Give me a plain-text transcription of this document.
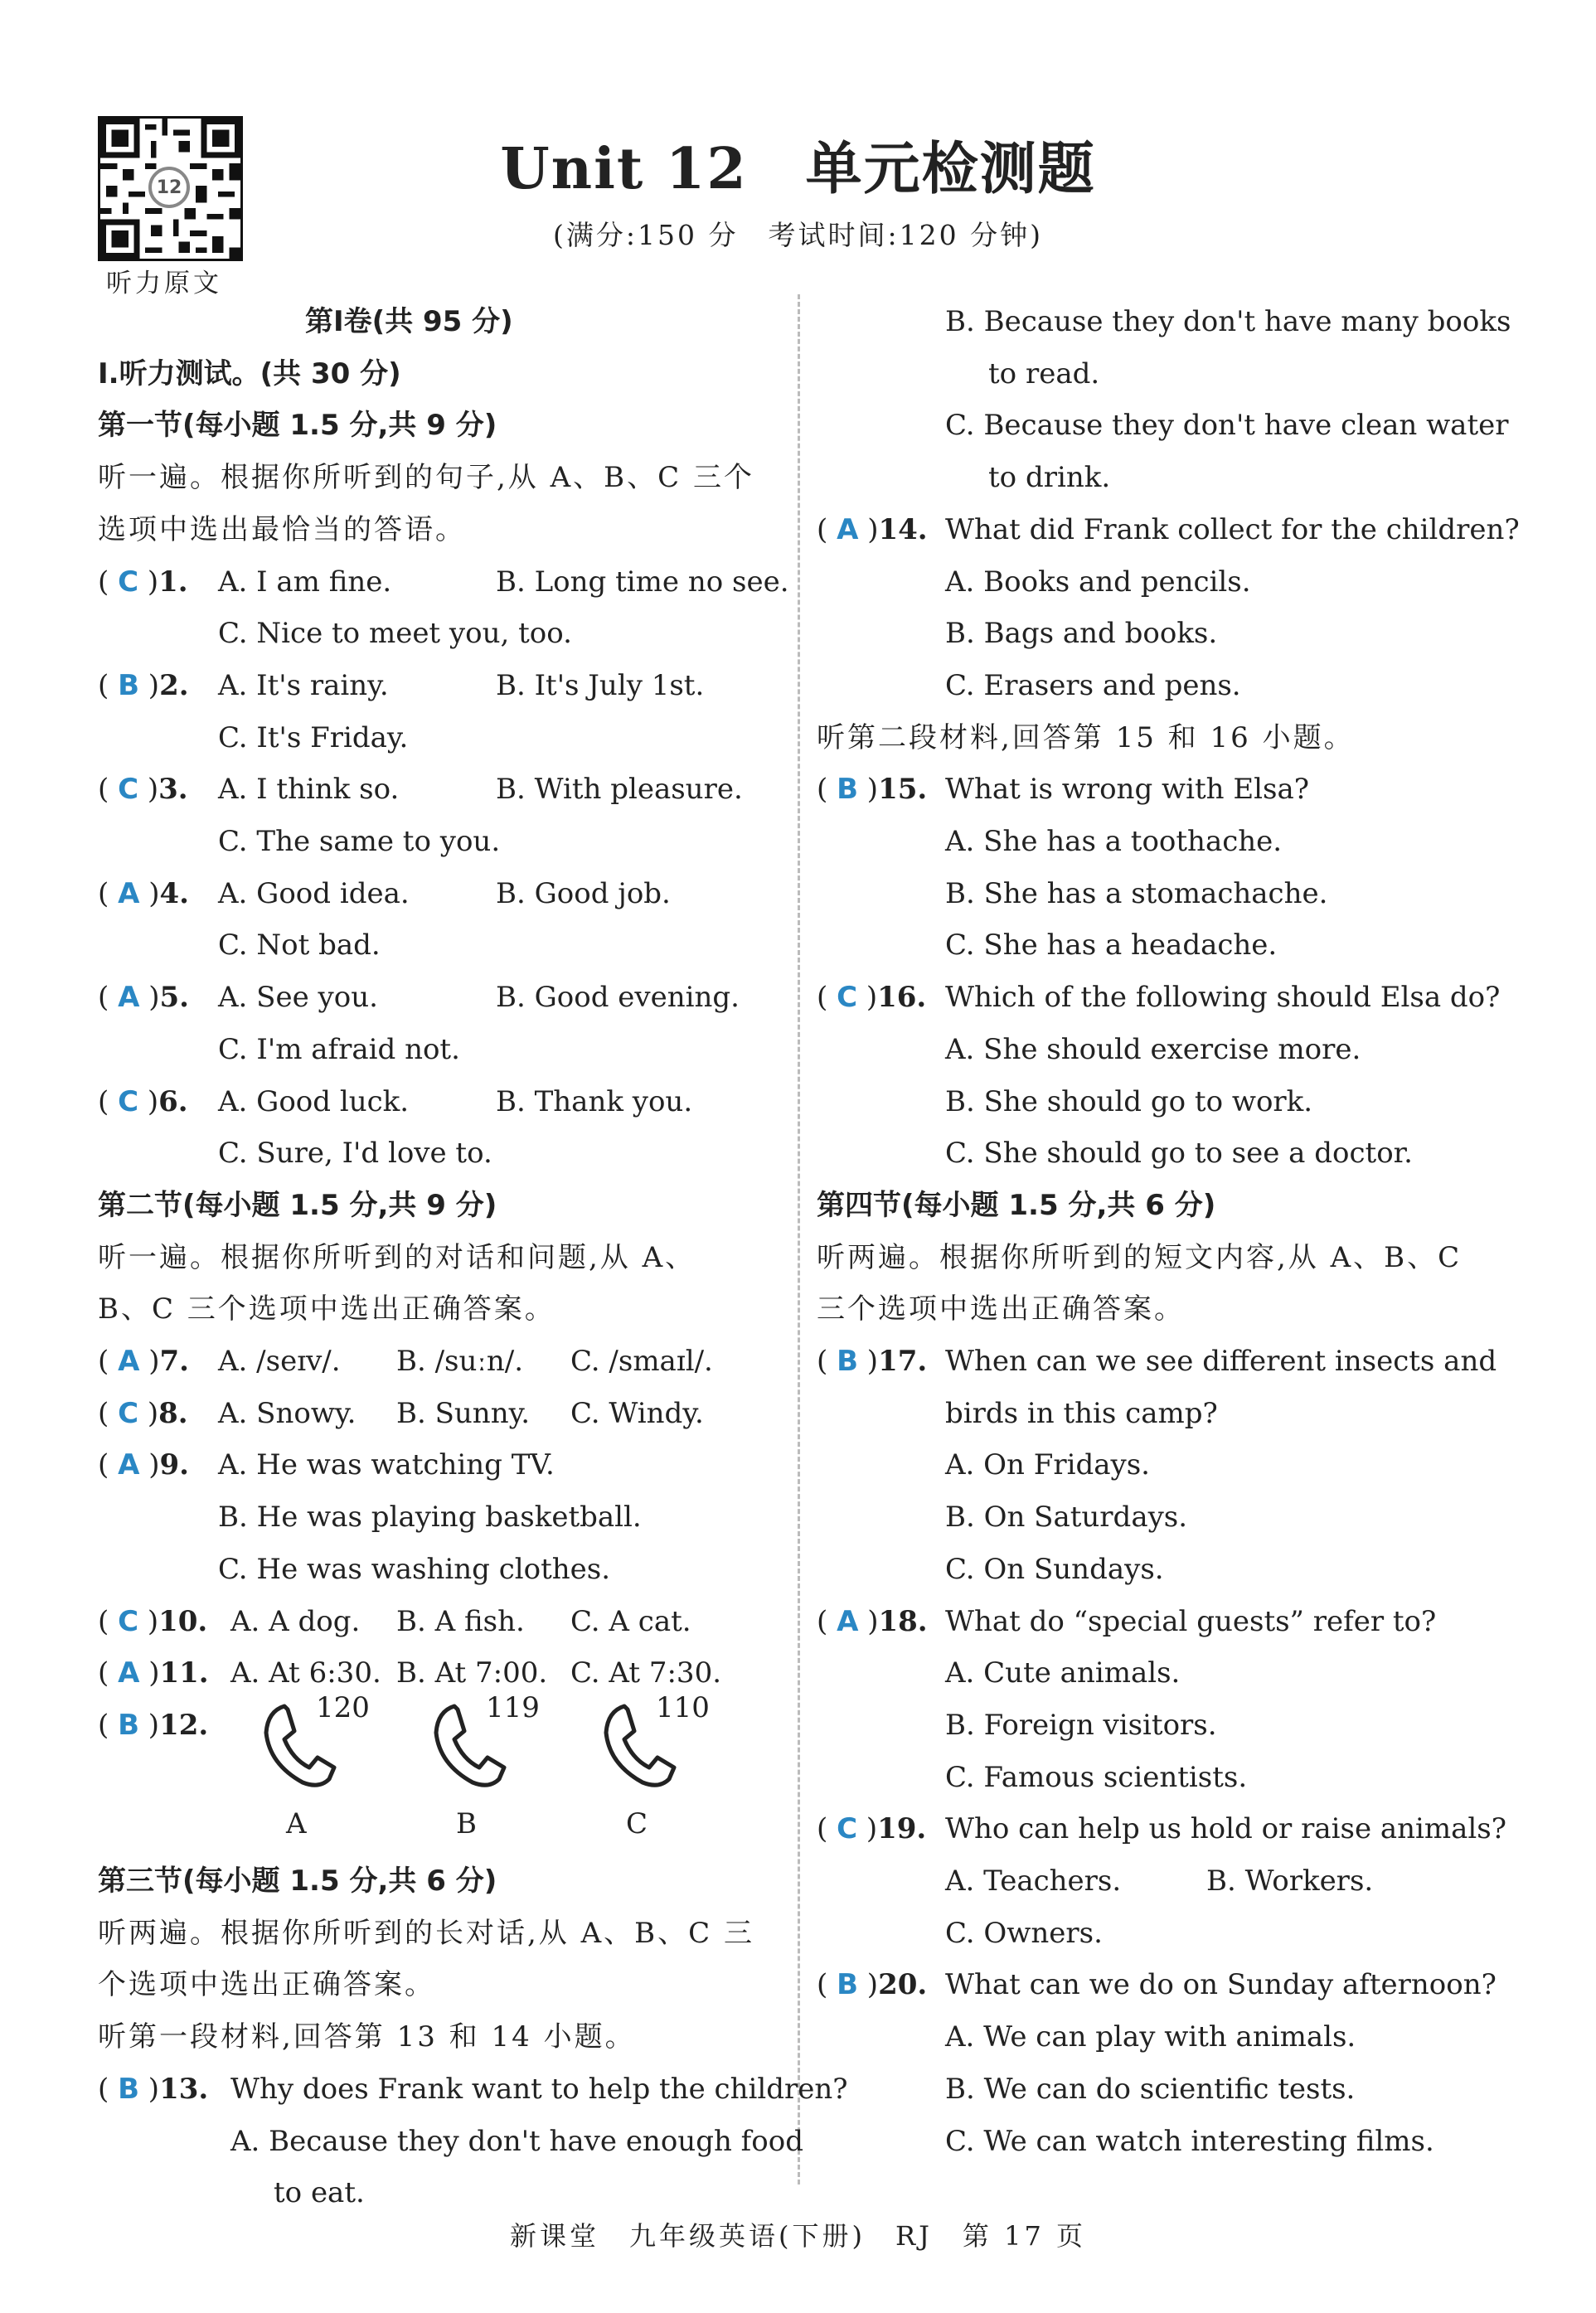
12
听力原文
Unit 12　单元检测题
(满分:150 分　考试时间:120 分钟)
120
A
119
B
110
C
第Ⅰ卷(共 95 分)
Ⅰ.听力测试。(共 30 分)
第一节(每小题 1.5 分,共 9 分)
听一遍。根据你所听到的句子,从 A、B、C 三个
选项中选出最恰当的答语。
( C )1. A. I am fine.	B. Long time no see.
C. Nice to meet you, too.
( B )2. A. It's rainy.	B. It's July 1st.
C. It's Friday.
( C )3. A. I think so.	B. With pleasure.
C. The same to you.
( A )4. A. Good idea.	B. Good job.
C. Not bad.
( A )5. A. See you.	B. Good evening.
C. I'm afraid not.
( C )6. A. Good luck.	B. Thank you.
C. Sure, I'd love to.
第二节(每小题 1.5 分,共 9 分)
听一遍。根据你所听到的对话和问题,从 A、
B、C 三个选项中选出正确答案。
( A )7. A. /seɪv/. B. /suːn/. C. /smaɪl/.
( C )8. A. Snowy. B. Sunny. C. Windy.
( A )9. A. He was watching TV.
B. He was playing basketball.
C. He was washing clothes.
( C )10. A. A dog. B. A fish. C. A cat.
( A )11. A. At 6:30. B. At 7:00. C. At 7:30.
( B )12.
第三节(每小题 1.5 分,共 6 分)
听两遍。根据你所听到的长对话,从 A、B、C 三
个选项中选出正确答案。
听第一段材料,回答第 13 和 14 小题。
( B )13. Why does Frank want to help the children?
A. Because they don't have enough food
to eat.
B. Because they don't have many books
to read.
C. Because they don't have clean water
to drink.
( A )14. What did Frank collect for the children?
A. Books and pencils.
B. Bags and books.
C. Erasers and pens.
听第二段材料,回答第 15 和 16 小题。
( B )15. What is wrong with Elsa?
A. She has a toothache.
B. She has a stomachache.
C. She has a headache.
( C )16. Which of the following should Elsa do?
A. She should exercise more.
B. She should go to work.
C. She should go to see a doctor.
第四节(每小题 1.5 分,共 6 分)
听两遍。根据你所听到的短文内容,从 A、B、C
三个选项中选出正确答案。
( B )17. When can we see different insects and
birds in this camp?
A. On Fridays.
B. On Saturdays.
C. On Sundays.
( A )18. What do “special guests” refer to?
A. Cute animals.
B. Foreign visitors.
C. Famous scientists.
( C )19. Who can help us hold or raise animals?
A. Teachers.	B. Workers.
C. Owners.
( B )20. What can we do on Sunday afternoon?
A. We can play with animals.
B. We can do scientific tests.
C. We can watch interesting films.
新课堂　九年级英语(下册)　RJ　第 17 页
